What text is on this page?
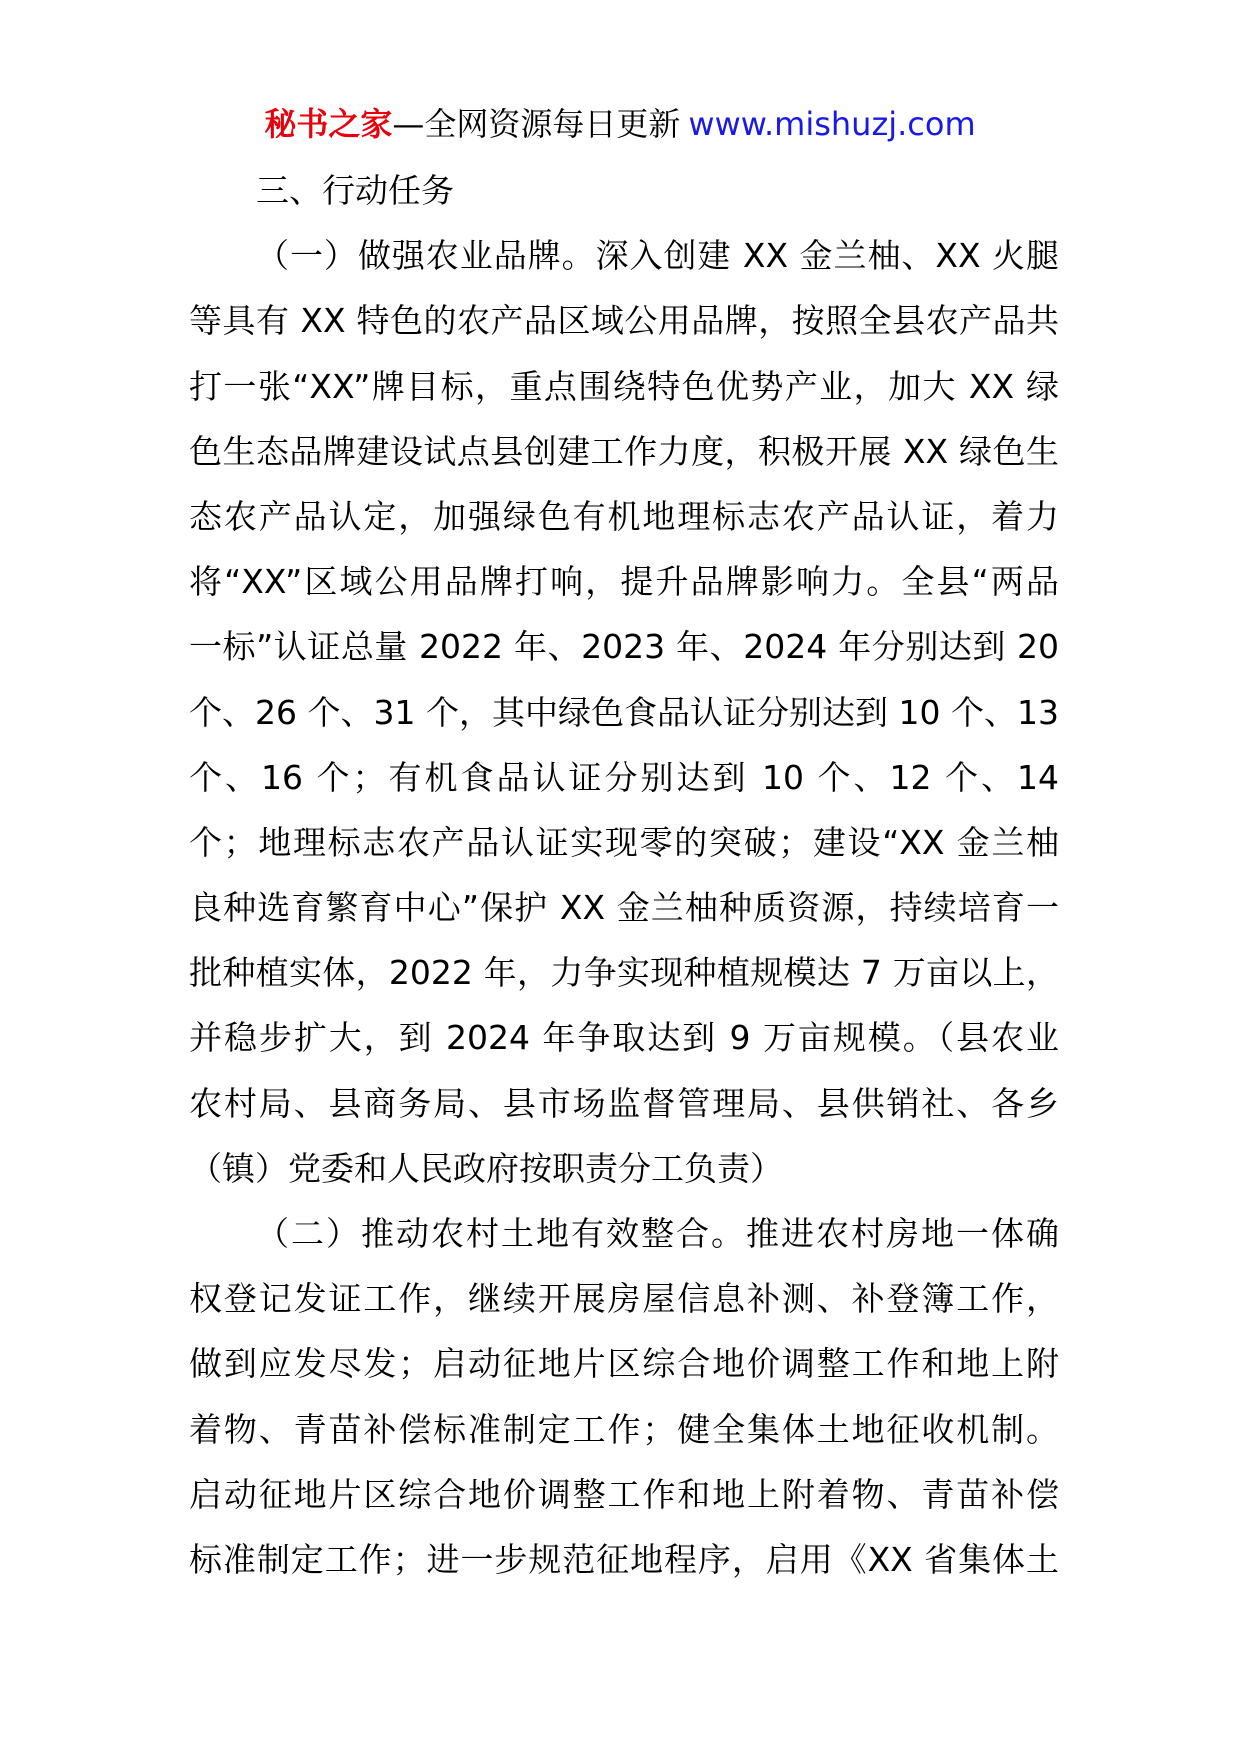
秘书之家—全网资源每日更新 www.mishuzj.com
三、行动任务
（一）做强农业品牌。深入创建 XX 金兰柚、XX 火腿
等具有 XX 特色的农产品区域公用品牌，按照全县农产品共
打一张“XX”牌目标，重点围绕特色优势产业，加大 XX 绿
色生态品牌建设试点县创建工作力度，积极开展 XX 绿色生
态农产品认定，加强绿色有机地理标志农产品认证，着力
将“XX”区域公用品牌打响，提升品牌影响力。全县“两品
一标”认证总量 2022 年、2023 年、2024 年分别达到 20
个、26 个、31 个，其中绿色食品认证分别达到 10 个、13
个、16 个；有机食品认证分别达到 10 个、12 个、14
个；地理标志农产品认证实现零的突破；建设“XX 金兰柚
良种选育繁育中心”保护 XX 金兰柚种质资源，持续培育一
批种植实体，2022 年，力争实现种植规模达 7 万亩以上，
并稳步扩大，到 2024 年争取达到 9 万亩规模。（县农业
农村局、县商务局、县市场监督管理局、县供销社、各乡
（镇）党委和人民政府按职责分工负责）
（二）推动农村土地有效整合。推进农村房地一体确
权登记发证工作，继续开展房屋信息补测、补登簿工作，
做到应发尽发；启动征地片区综合地价调整工作和地上附
着物、青苗补偿标准制定工作；健全集体土地征收机制。
启动征地片区综合地价调整工作和地上附着物、青苗补偿
标准制定工作；进一步规范征地程序，启用《XX 省集体土
